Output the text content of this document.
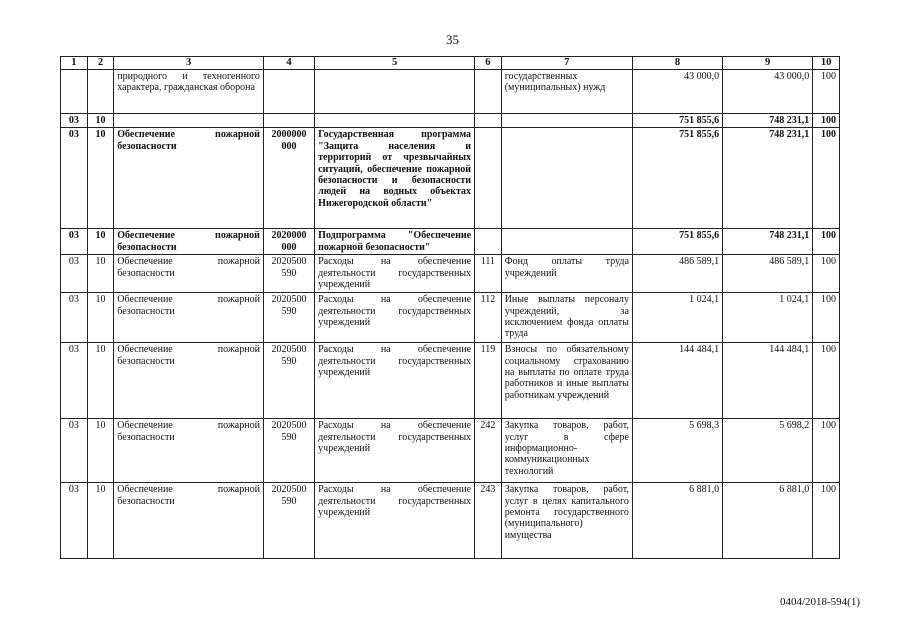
35
1	2	3	4	5	6	7	8	9	10
		природного и техногенного характера, гражданская оборона				государственных (муниципальных) нужд	43 000,0	43 000,0	100
03	10						751 855,6	748 231,1	100
03	10	Обеспечение пожарной безопасности	2000000 000	Государственная программа "Защита населения и территорий от чрезвычайных ситуаций, обеспечение пожарной безопасности и безопасности людей на водных объектах Нижегородской области"			751 855,6	748 231,1	100
03	10	Обеспечение пожарной безопасности	2020000 000	Подпрограмма "Обеспечение пожарной безопасности"			751 855,6	748 231,1	100
03	10	Обеспечение пожарной безопасности	2020500 590	Расходы на обеспечение деятельности государственных учреждений	111	Фонд оплаты труда учреждений	486 589,1	486 589,1	100
03	10	Обеспечение пожарной безопасности	2020500 590	Расходы на обеспечение деятельности государственных учреждений	112	Иные выплаты персоналу учреждений, за исключением фонда оплаты труда	1 024,1	1 024,1	100
03	10	Обеспечение пожарной безопасности	2020500 590	Расходы на обеспечение деятельности государственных учреждений	119	Взносы по обязательному социальному страхованию на выплаты по оплате труда работников и иные выплаты работникам учреждений	144 484,1	144 484,1	100
03	10	Обеспечение пожарной безопасности	2020500 590	Расходы на обеспечение деятельности государственных учреждений	242	Закупка товаров, работ, услуг в сфере информационно-коммуникационных технологий	5 698,3	5 698,2	100
03	10	Обеспечение пожарной безопасности	2020500 590	Расходы на обеспечение деятельности государственных учреждений	243	Закупка товаров, работ, услуг в целях капитального ремонта государственного (муниципального) имущества	6 881,0	6 881,0	100
0404/2018-594(1)
